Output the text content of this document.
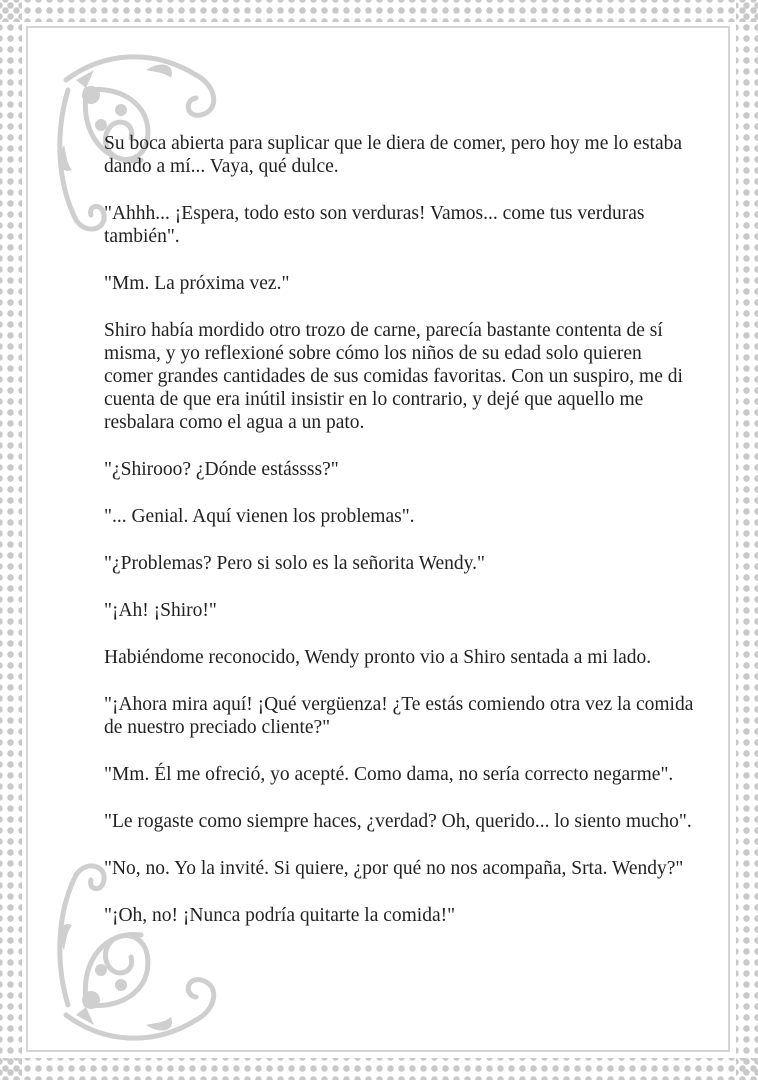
Su boca abierta para suplicar que le diera de comer, pero hoy me lo estaba dando a mí... Vaya, qué dulce.

"Ahhh... ¡Espera, todo esto son verduras! Vamos... come tus verduras también".

"Mm. La próxima vez."

Shiro había mordido otro trozo de carne, parecía bastante contenta de sí misma, y yo reflexioné sobre cómo los niños de su edad solo quieren comer grandes cantidades de sus comidas favoritas. Con un suspiro, me di cuenta de que era inútil insistir en lo contrario, y dejé que aquello me resbalara como el agua a un pato.

"¿Shirooo? ¿Dónde estássss?"

"... Genial. Aquí vienen los problemas".

"¿Problemas? Pero si solo es la señorita Wendy."

"¡Ah! ¡Shiro!"

Habiéndome reconocido, Wendy pronto vio a Shiro sentada a mi lado.

"¡Ahora mira aquí! ¡Qué vergüenza! ¿Te estás comiendo otra vez la comida de nuestro preciado cliente?"

"Mm. Él me ofreció, yo acepté. Como dama, no sería correcto negarme".

"Le rogaste como siempre haces, ¿verdad? Oh, querido... lo siento mucho".

"No, no. Yo la invité. Si quiere, ¿por qué no nos acompaña, Srta. Wendy?"

"¡Oh, no! ¡Nunca podría quitarte la comida!"
